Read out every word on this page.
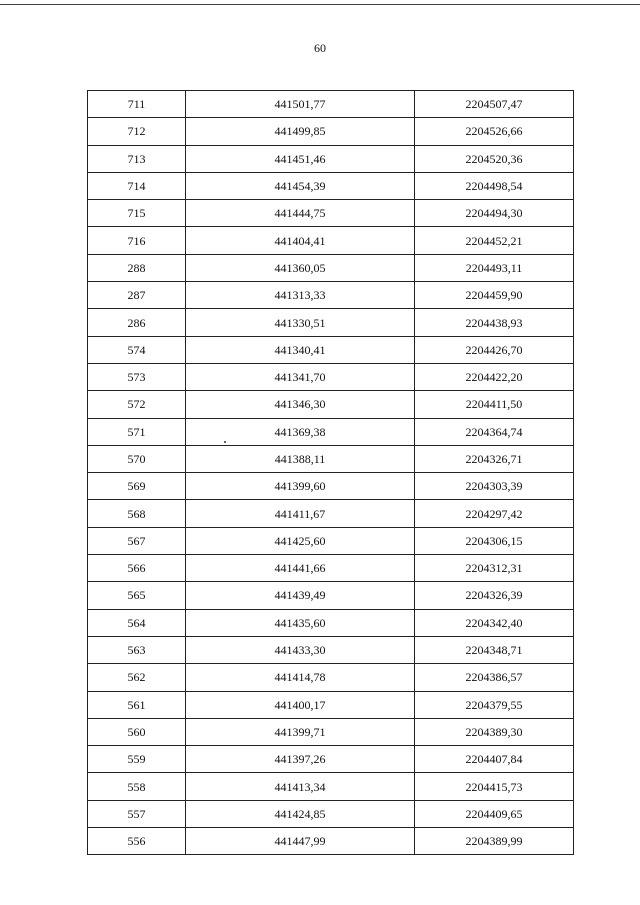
60
711	441501,77	2204507,47
712	441499,85	2204526,66
713	441451,46	2204520,36
714	441454,39	2204498,54
715	441444,75	2204494,30
716	441404,41	2204452,21
288	441360,05	2204493,11
287	441313,33	2204459,90
286	441330,51	2204438,93
574	441340,41	2204426,70
573	441341,70	2204422,20
572	441346,30	2204411,50
571	441369,38	2204364,74
570	441388,11	2204326,71
569	441399,60	2204303,39
568	441411,67	2204297,42
567	441425,60	2204306,15
566	441441,66	2204312,31
565	441439,49	2204326,39
564	441435,60	2204342,40
563	441433,30	2204348,71
562	441414,78	2204386,57
561	441400,17	2204379,55
560	441399,71	2204389,30
559	441397,26	2204407,84
558	441413,34	2204415,73
557	441424,85	2204409,65
556	441447,99	2204389,99
